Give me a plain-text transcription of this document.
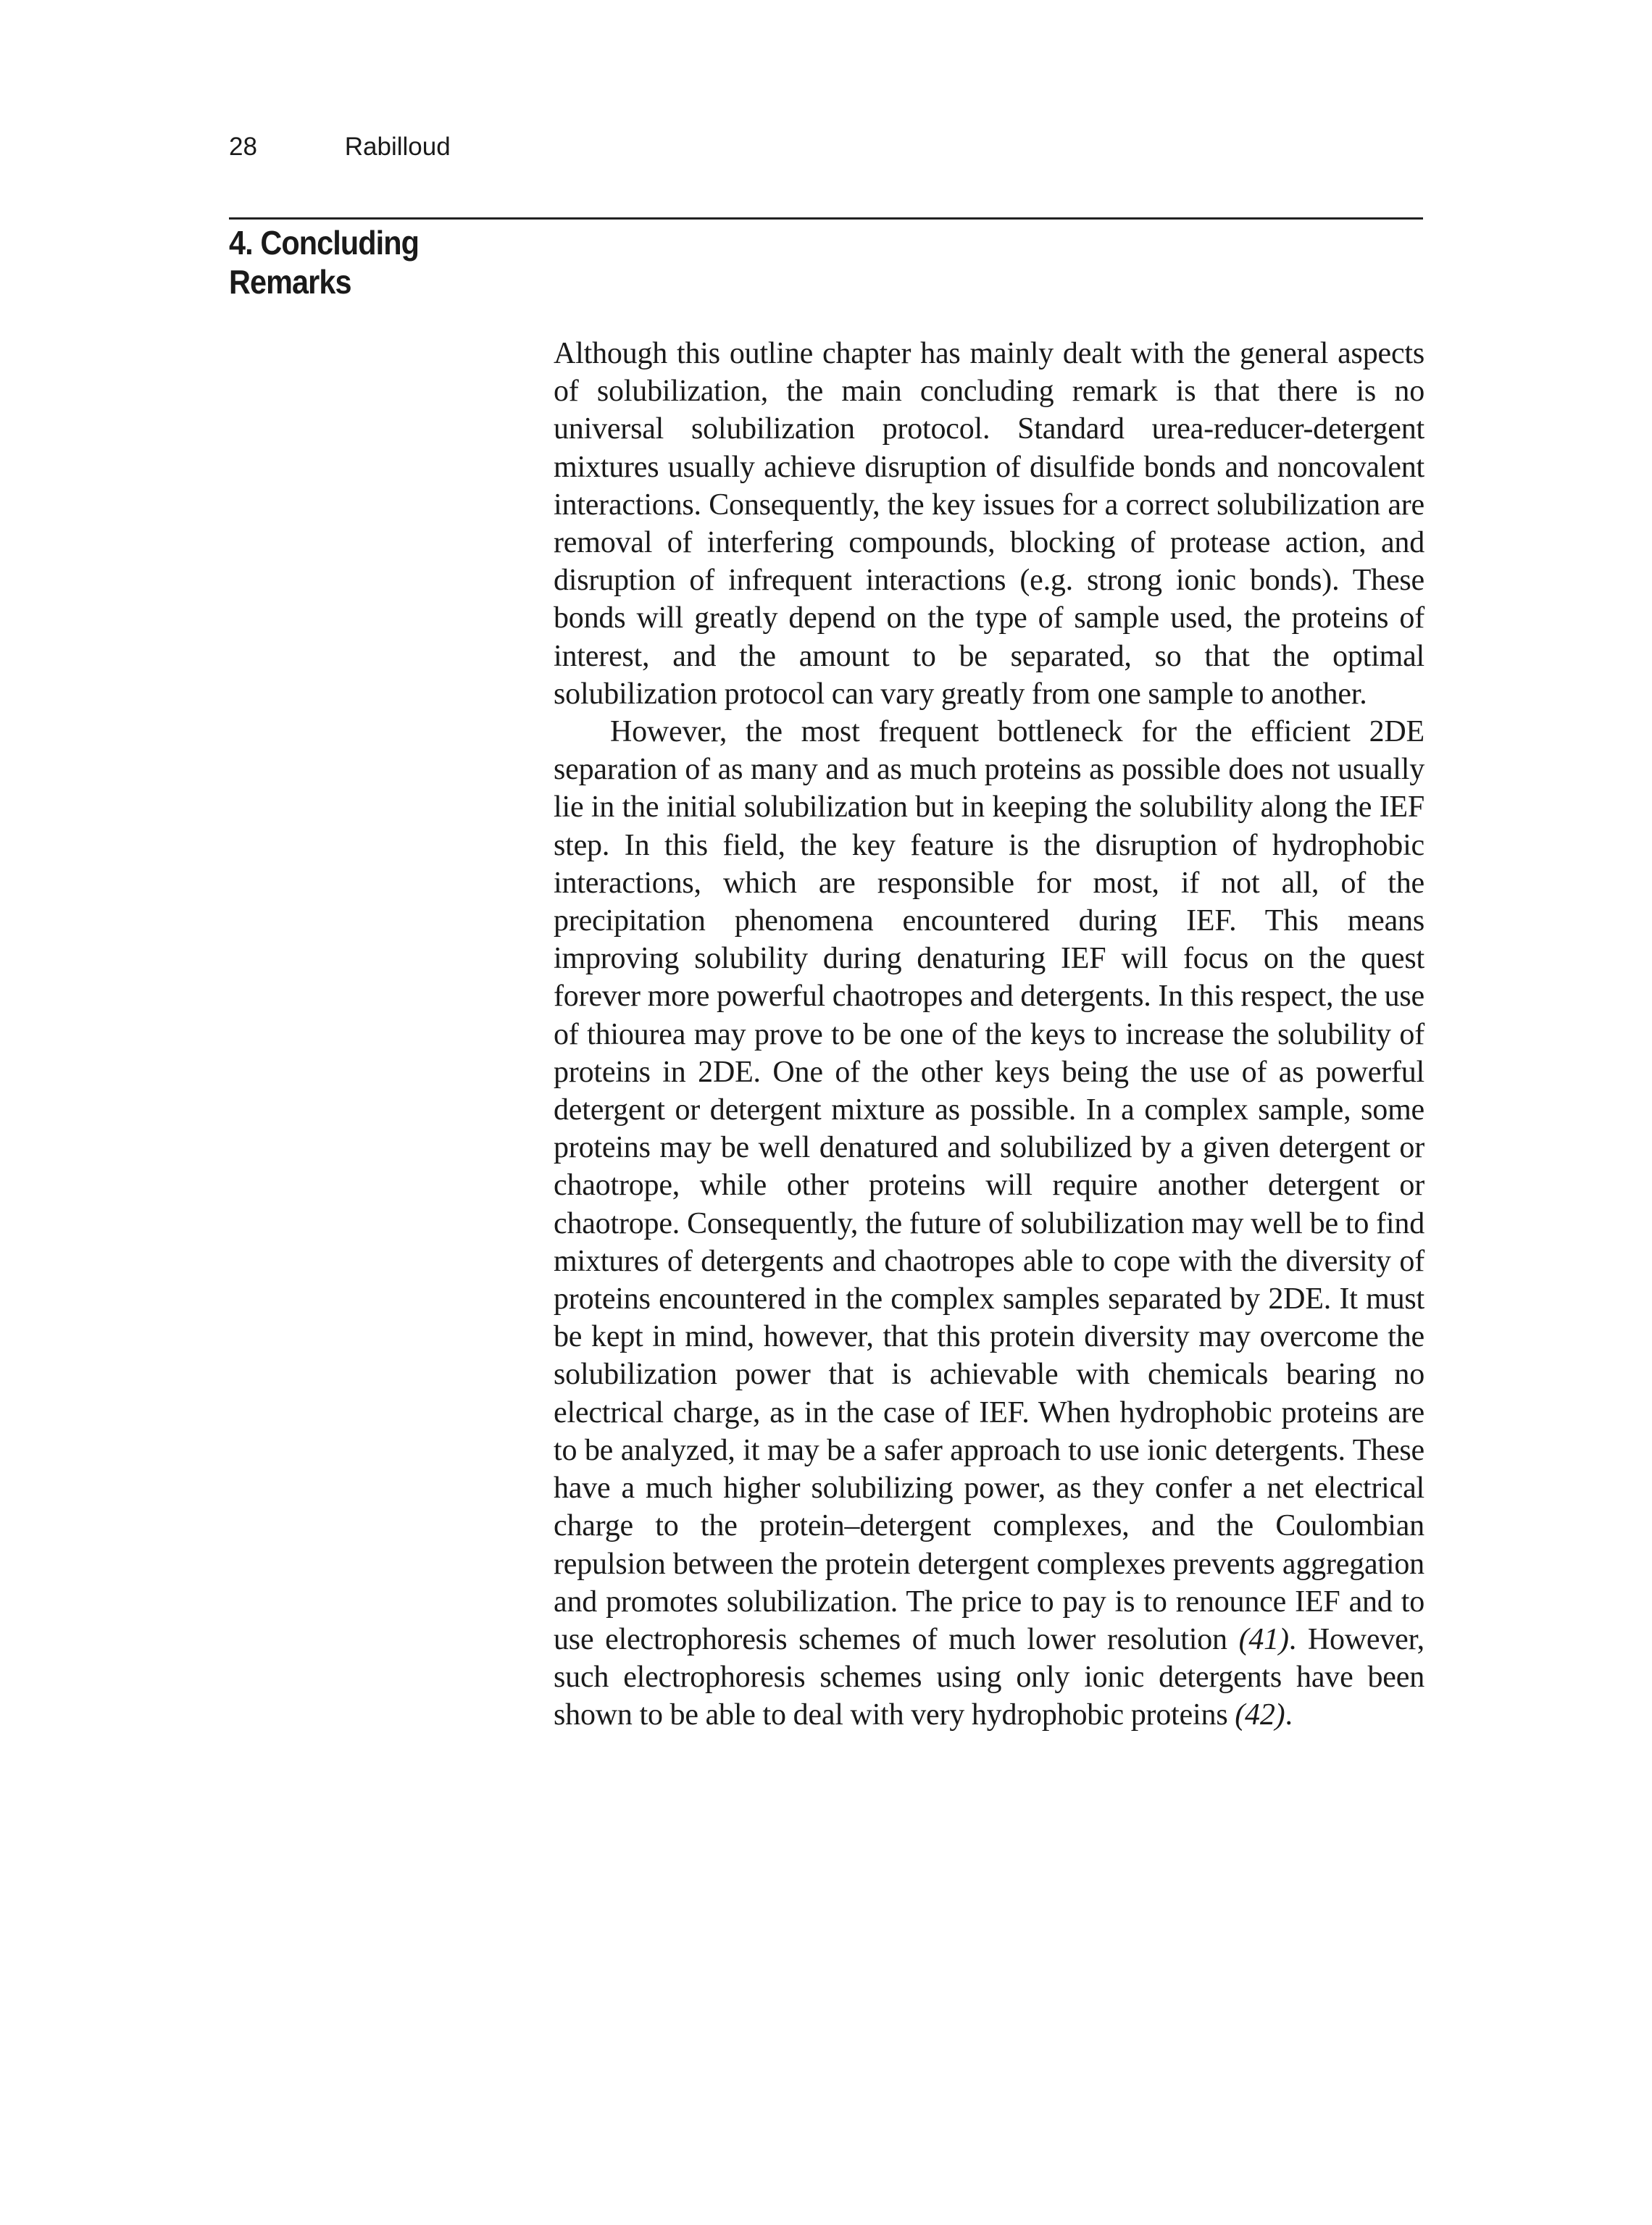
28	Rabilloud
4. Concluding Remarks

Although this outline chapter has mainly dealt with the general aspects of solubilization, the main concluding remark is that there is no universal solubilization protocol. Standard urea-reducer-detergent mixtures usually achieve disruption of disulfide bonds and noncovalent interactions. Consequently, the key issues for a correct solubilization are removal of interfering compounds, blocking of protease action, and disruption of infrequent interactions (e.g. strong ionic bonds). These bonds will greatly depend on the type of sample used, the proteins of interest, and the amount to be separated, so that the optimal solubilization protocol can vary greatly from one sample to another.

However, the most frequent bottleneck for the efficient 2DE separation of as many and as much proteins as possible does not usually lie in the initial solubilization but in keeping the solubility along the IEF step. In this field, the key feature is the disruption of hydrophobic interactions, which are responsible for most, if not all, of the precipitation phenomena encountered during IEF. This means improving solubility during denaturing IEF will focus on the quest forever more powerful chaotropes and detergents. In this respect, the use of thiourea may prove to be one of the keys to increase the solubility of proteins in 2DE. One of the other keys being the use of as powerful detergent or detergent mixture as possible. In a complex sample, some proteins may be well denatured and solubilized by a given detergent or chaotrope, while other proteins will require another detergent or chaotrope. Consequently, the future of solubilization may well be to find mixtures of detergents and chaotropes able to cope with the diversity of proteins encountered in the complex samples separated by 2DE. It must be kept in mind, however, that this protein diversity may overcome the solubilization power that is achievable with chemicals bearing no electrical charge, as in the case of IEF. When hydrophobic proteins are to be analyzed, it may be a safer approach to use ionic detergents. These have a much higher solubilizing power, as they confer a net electrical charge to the protein–detergent complexes, and the Coulombian repulsion between the protein detergent complexes prevents aggregation and promotes solubilization. The price to pay is to renounce IEF and to use electrophoresis schemes of much lower resolution (41). However, such electrophoresis schemes using only ionic detergents have been shown to be able to deal with very hydrophobic proteins (42).
